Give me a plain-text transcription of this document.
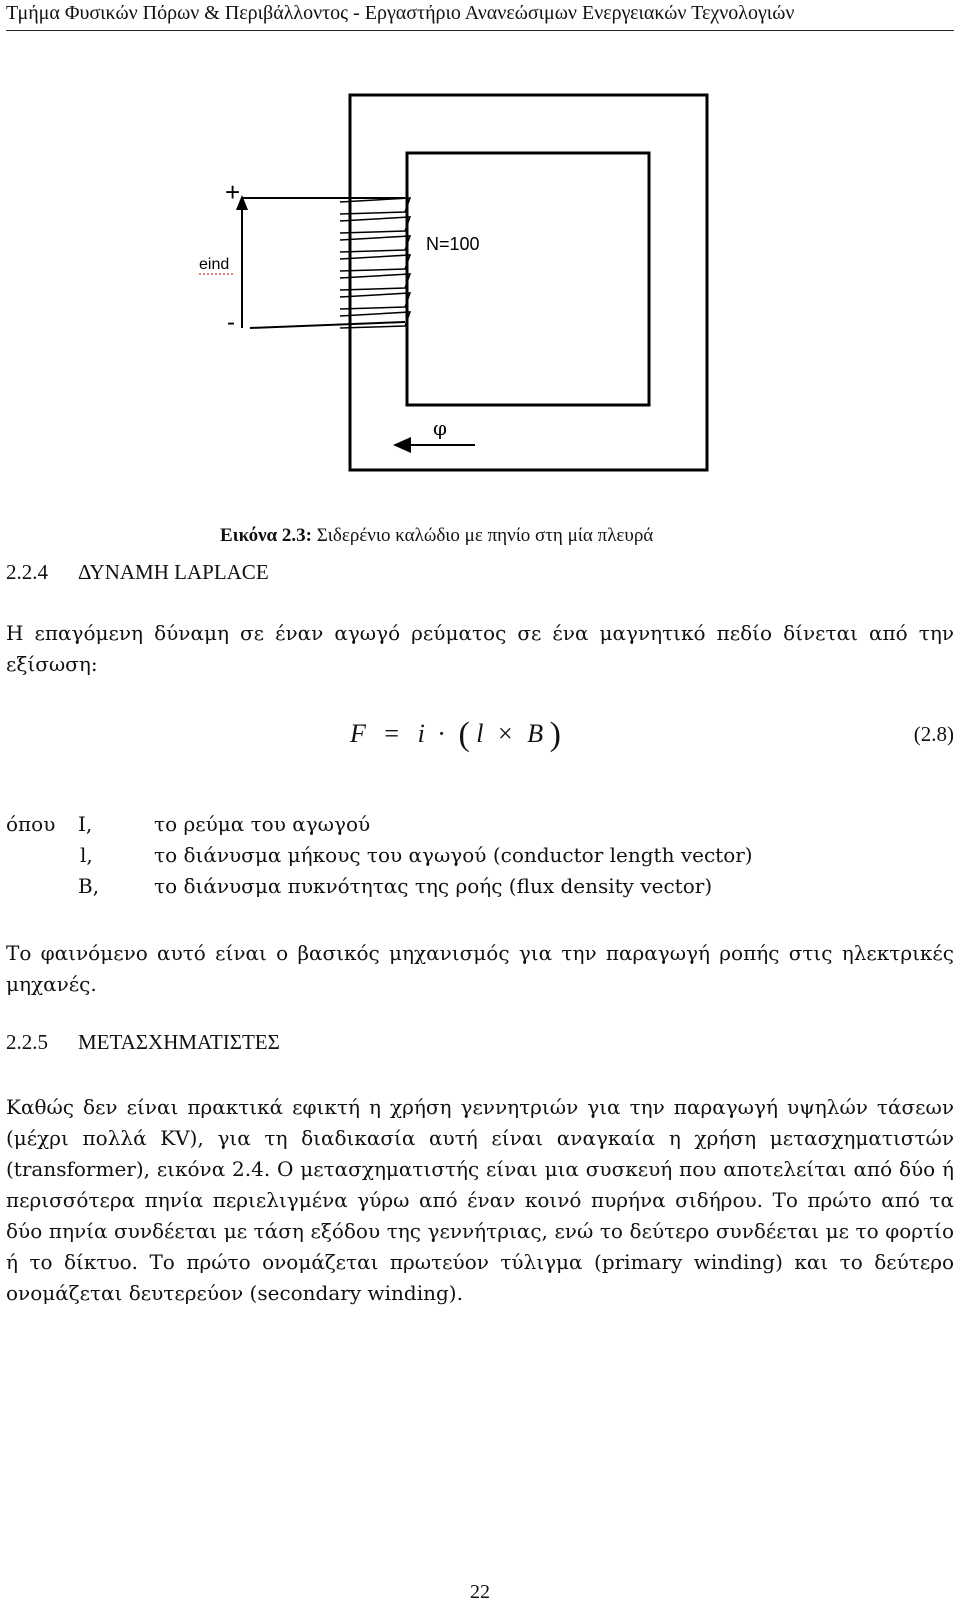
Τμήμα Φυσικών Πόρων & Περιβάλλοντος - Εργαστήριο Ανανεώσιμων Ενεργειακών Τεχνολογιών
+
-
eind
N=100
φ
Εικόνα 2.3: Σιδερένιο καλώδιο με πηνίο στη μία πλευρά
2.2.4 ΔΥΝΑΜΗ LAPLACE
Η επαγόμενη δύναμη σε έναν αγωγό ρεύματος σε ένα μαγνητικό πεδίο δίνεται από την εξίσωση:
F = i · ( l × B )	(2.8)
όπου I,	το ρεύμα του αγωγού
l,	το διάνυσμα μήκους του αγωγού (conductor length vector)
B,	το διάνυσμα πυκνότητας της ροής (flux density vector)
Το φαινόμενο αυτό είναι ο βασικός μηχανισμός για την παραγωγή ροπής στις ηλεκτρικές μηχανές.
2.2.5 ΜΕΤΑΣΧΗΜΑΤΙΣΤΕΣ
Καθώς δεν είναι πρακτικά εφικτή η χρήση γεννητριών για την παραγωγή υψηλών τάσεων (μέχρι πολλά KV), για τη διαδικασία αυτή είναι αναγκαία η χρήση μετασχηματιστών (transformer), εικόνα 2.4. Ο μετασχηματιστής είναι μια συσκευή που αποτελείται από δύο ή περισσότερα πηνία περιελιγμένα γύρω από έναν κοινό πυρήνα σιδήρου. Το πρώτο από τα δύο πηνία συνδέεται με τάση εξόδου της γεννήτριας, ενώ το δεύτερο συνδέεται με το φορτίο ή το δίκτυο. Το πρώτο ονομάζεται πρωτεύον τύλιγμα (primary winding) και το δεύτερο ονομάζεται δευτερεύον (secondary winding).
22
